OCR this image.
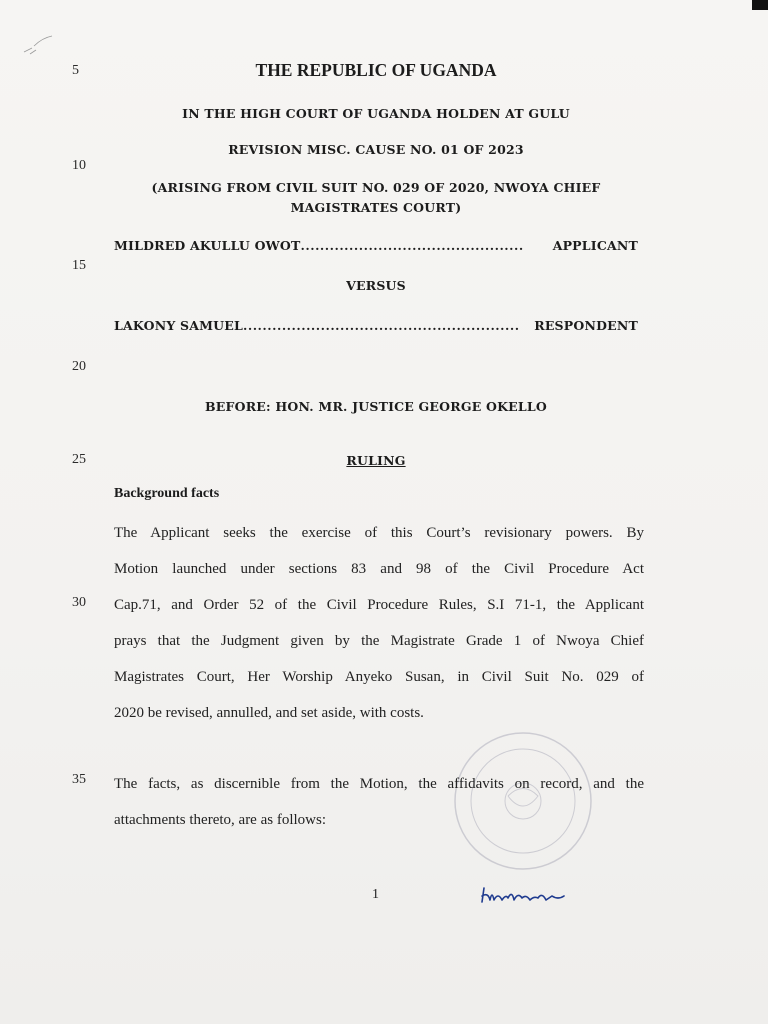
5
10
15
20
25
30
35
THE REPUBLIC OF UGANDA
IN THE HIGH COURT OF UGANDA HOLDEN AT GULU
REVISION MISC. CAUSE NO. 01 OF 2023
(ARISING FROM CIVIL SUIT NO. 029 OF 2020, NWOYA CHIEF
MAGISTRATES COURT)
MILDRED AKULLU OWOT ..............................................	APPLICANT
VERSUS
LAKONY SAMUEL .........................................................	RESPONDENT
BEFORE: HON. MR. JUSTICE GEORGE OKELLO
RULING
Background facts
The Applicant seeks the exercise of this Court’s revisionary powers. By
Motion launched under sections 83 and 98 of the Civil Procedure Act
Cap.71, and Order 52 of the Civil Procedure Rules, S.I 71-1, the Applicant
prays that the Judgment given by the Magistrate Grade 1 of Nwoya Chief
Magistrates Court, Her Worship Anyeko Susan, in Civil Suit No. 029 of
2020 be revised, annulled, and set aside, with costs.
The facts, as discernible from the Motion, the affidavits on record, and the
attachments thereto, are as follows:
1
